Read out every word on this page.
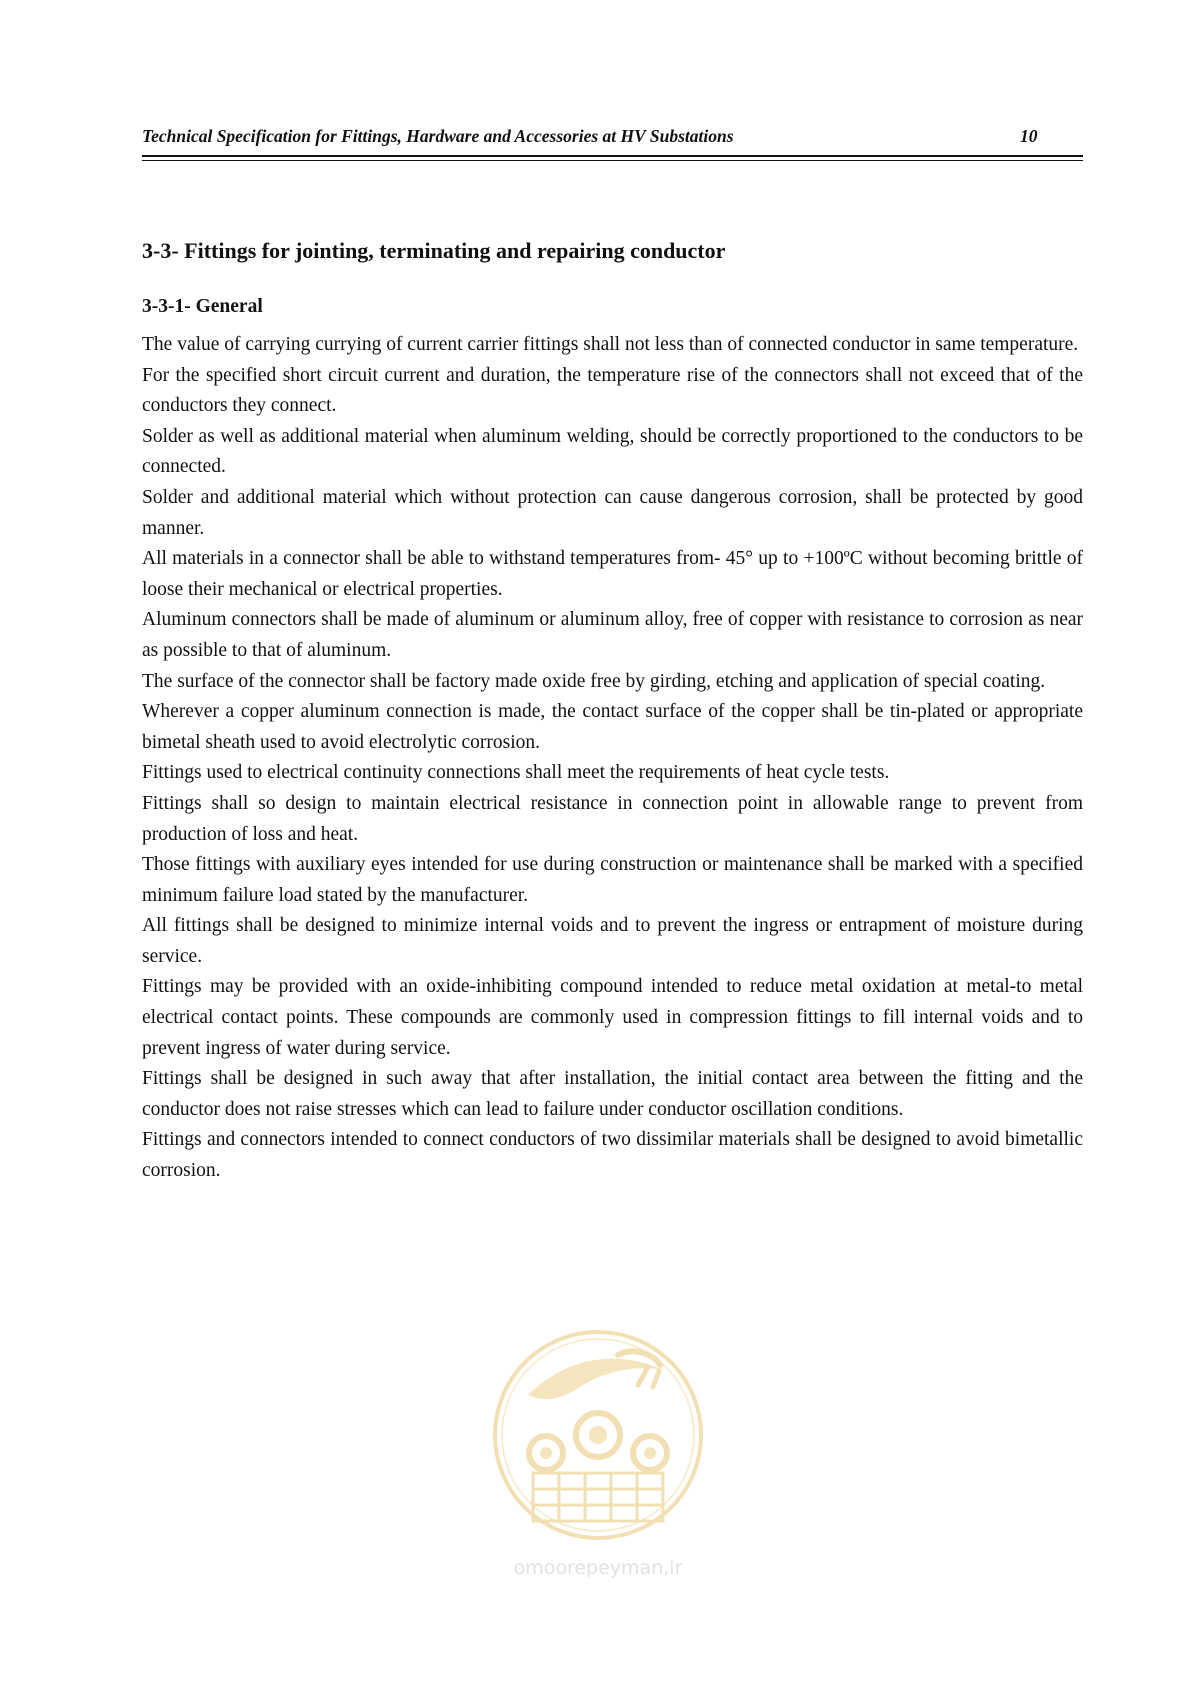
Technical Specification for Fittings, Hardware and Accessories at HV Substations	10
3-3- Fittings for jointing, terminating and repairing conductor
3-3-1- General

The value of carrying currying of current carrier fittings shall not less than of connected conductor in same temperature.

For the specified short circuit current and duration, the temperature rise of the connectors shall not exceed that of the conductors they connect.

Solder as well as additional material when aluminum welding, should be correctly proportioned to the conductors to be connected.

Solder and additional material which without protection can cause dangerous corrosion, shall be protected by good manner.

All materials in a connector shall be able to withstand temperatures from- 45° up to +100ºC without becoming brittle of loose their mechanical or electrical properties.

Aluminum connectors shall be made of aluminum or aluminum alloy, free of copper with resistance to corrosion as near as possible to that of aluminum.

The surface of the connector shall be factory made oxide free by girding, etching and application of special coating.

Wherever a copper aluminum connection is made, the contact surface of the copper shall be tin-plated or appropriate bimetal sheath used to avoid electrolytic corrosion.

Fittings used to electrical continuity connections shall meet the requirements of heat cycle tests.

Fittings shall so design to maintain electrical resistance in connection point in allowable range to prevent from production of loss and heat.

Those fittings with auxiliary eyes intended for use during construction or maintenance shall be marked with a specified minimum failure load stated by the manufacturer.

All fittings shall be designed to minimize internal voids and to prevent the ingress or entrapment of moisture during service.

Fittings may be provided with an oxide-inhibiting compound intended to reduce metal oxidation at metal-to metal electrical contact points. These compounds are commonly used in compression fittings to fill internal voids and to prevent ingress of water during service.

Fittings shall be designed in such away that after installation, the initial contact area between the fitting and the conductor does not raise stresses which can lead to failure under conductor oscillation conditions.

Fittings and connectors intended to connect conductors of two dissimilar materials shall be designed to avoid bimetallic corrosion.

omoorepeyman.ir
